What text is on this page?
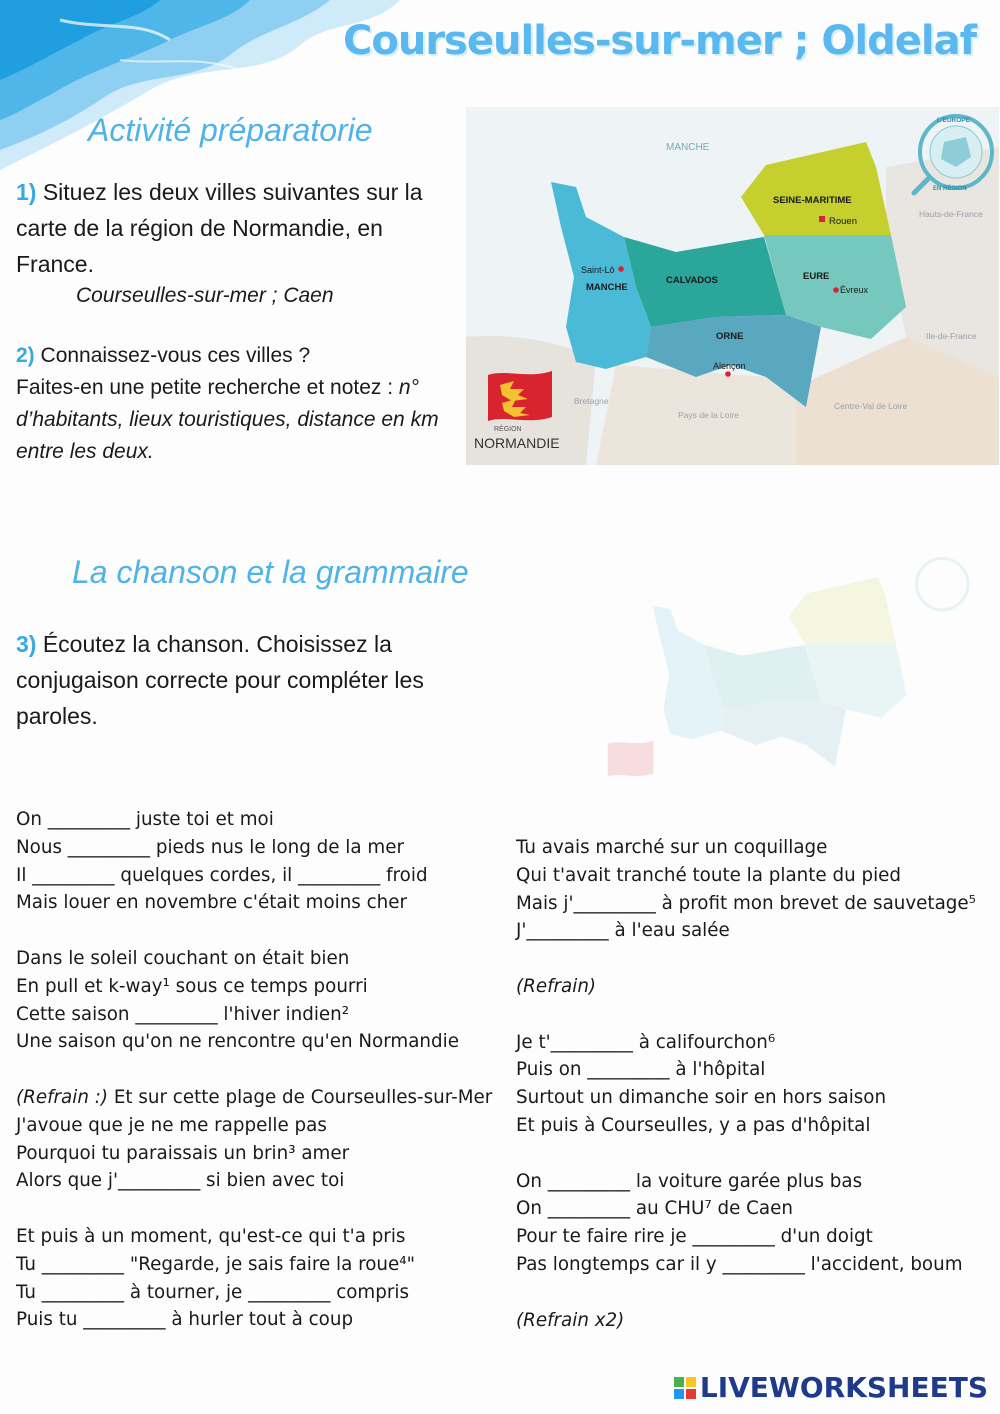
Courseulles-sur-mer ; Oldelaf
Activité préparatorie
1) Situez les deux villes suivantes sur la carte de la région de Normandie, en France.
Courseulles-sur-mer ; Caen
2) Connaissez-vous ces villes ?
Faites-en une petite recherche et notez : n° d’habitants, lieux touristiques, distance en km entre les deux.
MANCHE
SEINE-MARITIME
CALVADOS	EURE
MANCHE
ORNE
Rouen
Saint-Lô
Évreux
Alençon
Hauts-de-France
Ile-de-France
Bretagne
Pays de la Loire
Centre-Val de Loire
RÉGION
NORMANDIE
L'EUROPE
EN RÉGION
La chanson et la grammaire
3) Écoutez la chanson. Choisissez la conjugaison correcte pour compléter les paroles.
On _________ juste toi et moi
Nous _________ pieds nus le long de la mer
Il _________ quelques cordes, il _________ froid
Mais louer en novembre c'était moins cher
Dans le soleil couchant on était bien
En pull et k-way¹ sous ce temps pourri
Cette saison _________ l'hiver indien²
Une saison qu'on ne rencontre qu'en Normandie
(Refrain :) Et sur cette plage de Courseulles-sur-Mer
J'avoue que je ne me rappelle pas
Pourquoi tu paraissais un brin³ amer
Alors que j'_________ si bien avec toi
Et puis à un moment, qu'est-ce qui t'a pris
Tu _________ "Regarde, je sais faire la roue⁴"
Tu _________ à tourner, je _________ compris
Puis tu _________ à hurler tout à coup
Tu avais marché sur un coquillage
Qui t'avait tranché toute la plante du pied
Mais j'_________ à profit mon brevet de sauvetage⁵
J'_________ à l'eau salée
(Refrain)
Je t'_________ à califourchon⁶
Puis on _________ à l'hôpital
Surtout un dimanche soir en hors saison
Et puis à Courseulles, y a pas d'hôpital
On _________ la voiture garée plus bas
On _________ au CHU⁷ de Caen
Pour te faire rire je _________ d'un doigt
Pas longtemps car il y _________ l'accident, boum
(Refrain x2)
LIVEWORKSHEETS
